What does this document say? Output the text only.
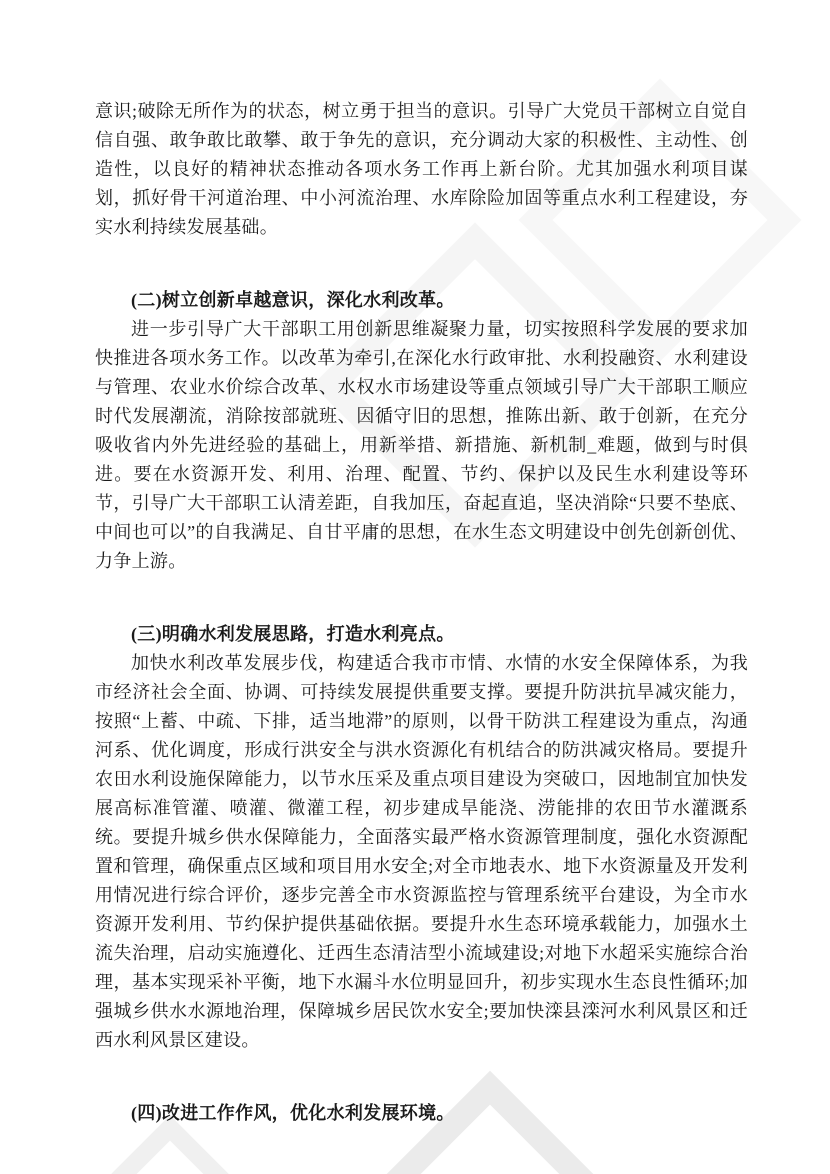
意识;破除无所作为的状态，树立勇于担当的意识。引导广大党员干部树立自觉自信自强、敢争敢比敢攀、敢于争先的意识，充分调动大家的积极性、主动性、创造性，以良好的精神状态推动各项水务工作再上新台阶。尤其加强水利项目谋划，抓好骨干河道治理、中小河流治理、水库除险加固等重点水利工程建设，夯实水利持续发展基础。

(二)树立创新卓越意识，深化水利改革。

进一步引导广大干部职工用创新思维凝聚力量，切实按照科学发展的要求加快推进各项水务工作。以改革为牵引,在深化水行政审批、水利投融资、水利建设与管理、农业水价综合改革、水权水市场建设等重点领域引导广大干部职工顺应时代发展潮流，消除按部就班、因循守旧的思想，推陈出新、敢于创新，在充分吸收省内外先进经验的基础上，用新举措、新措施、新机制_难题，做到与时俱进。要在水资源开发、利用、治理、配置、节约、保护以及民生水利建设等环节，引导广大干部职工认清差距，自我加压，奋起直追，坚决消除“只要不垫底、中间也可以”的自我满足、自甘平庸的思想，在水生态文明建设中创先创新创优、力争上游。

(三)明确水利发展思路，打造水利亮点。

加快水利改革发展步伐，构建适合我市市情、水情的水安全保障体系，为我市经济社会全面、协调、可持续发展提供重要支撑。要提升防洪抗旱减灾能力，按照“上蓄、中疏、下排，适当地滞”的原则，以骨干防洪工程建设为重点，沟通河系、优化调度，形成行洪安全与洪水资源化有机结合的防洪减灾格局。要提升农田水利设施保障能力，以节水压采及重点项目建设为突破口，因地制宜加快发展高标准管灌、喷灌、微灌工程，初步建成旱能浇、涝能排的农田节水灌溉系统。要提升城乡供水保障能力，全面落实最严格水资源管理制度，强化水资源配置和管理，确保重点区域和项目用水安全;对全市地表水、地下水资源量及开发利用情况进行综合评价，逐步完善全市水资源监控与管理系统平台建设，为全市水资源开发利用、节约保护提供基础依据。要提升水生态环境承载能力，加强水土流失治理，启动实施遵化、迁西生态清洁型小流域建设;对地下水超采实施综合治理，基本实现采补平衡，地下水漏斗水位明显回升，初步实现水生态良性循环;加强城乡供水水源地治理，保障城乡居民饮水安全;要加快滦县滦河水利风景区和迁西水利风景区建设。

(四)改进工作作风，优化水利发展环境。
